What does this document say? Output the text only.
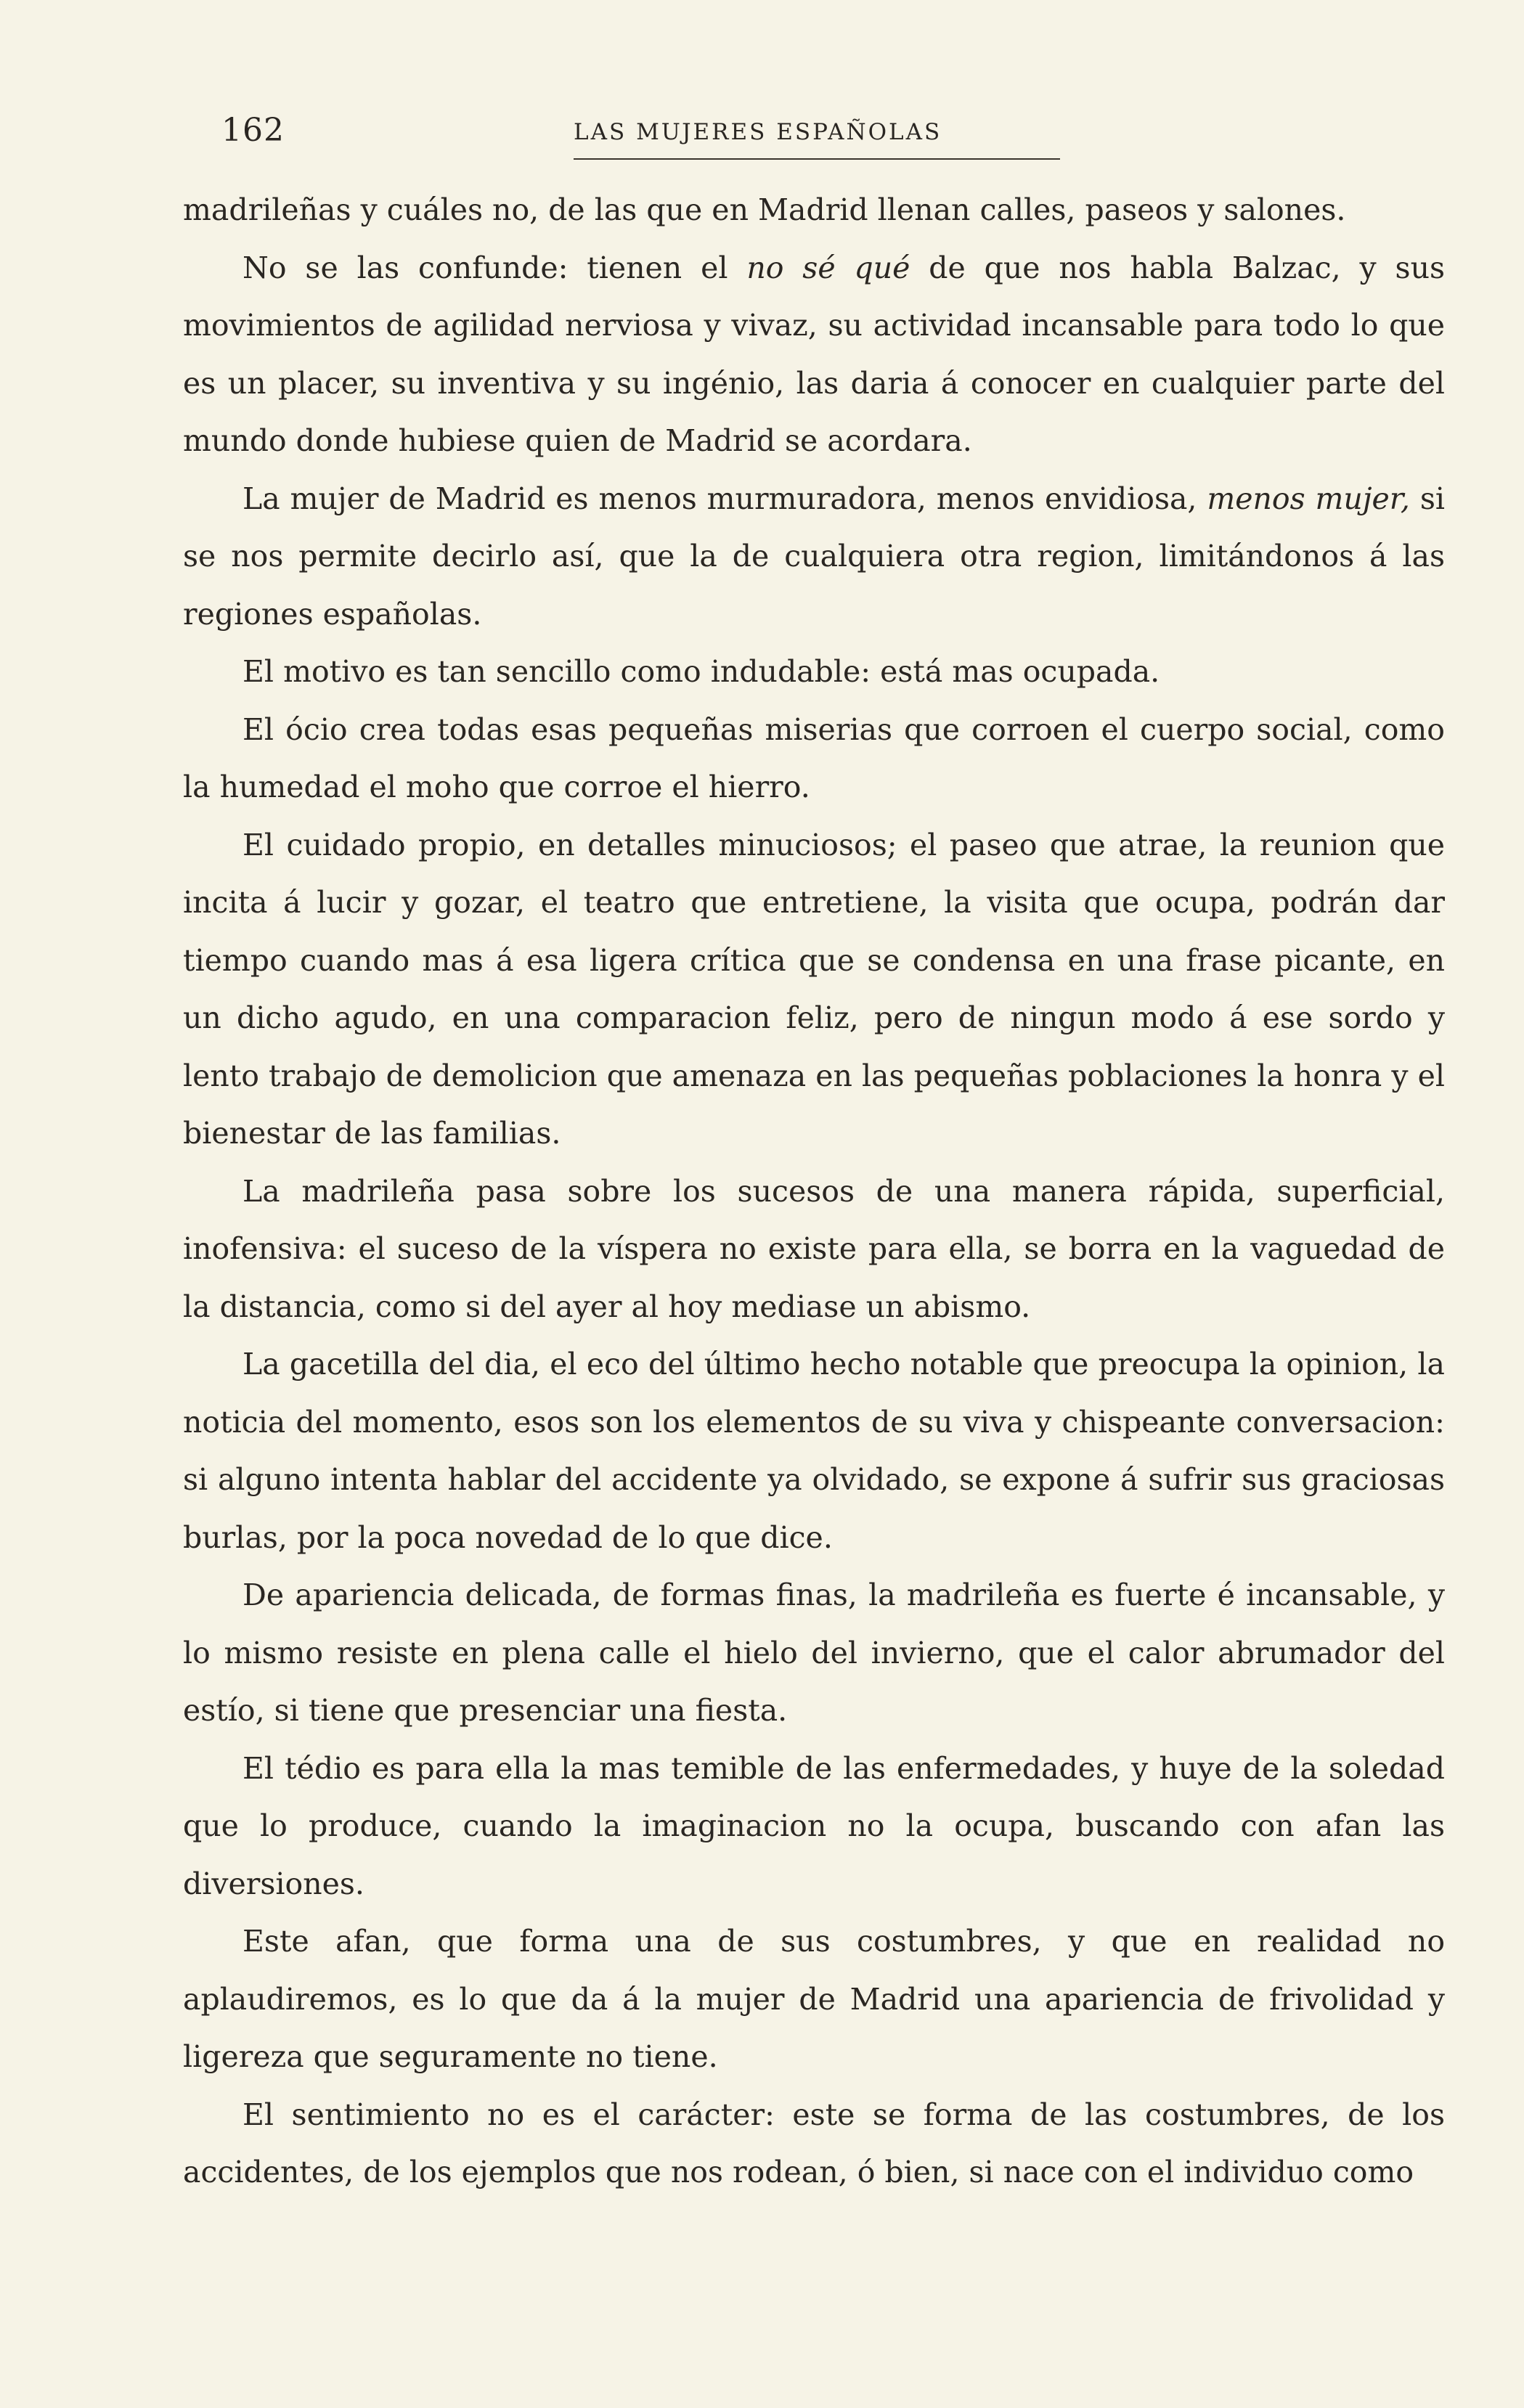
162	LAS MUJERES ESPAÑOLAS

madrileñas y cuáles no, de las que en Madrid llenan calles, paseos y salones.

No se las confunde: tienen el no sé qué de que nos habla Balzac, y sus movimientos de agilidad nerviosa y vivaz, su actividad incansable para todo lo que es un placer, su inventiva y su ingénio, las daria á conocer en cualquier parte del mundo donde hubiese quien de Madrid se acordara.

La mujer de Madrid es menos murmuradora, menos envidiosa, menos mujer, si se nos permite decirlo así, que la de cualquiera otra region, limitándonos á las regiones españolas.

El motivo es tan sencillo como indudable: está mas ocupada.

El ócio crea todas esas pequeñas miserias que corroen el cuerpo social, como la humedad el moho que corroe el hierro.

El cuidado propio, en detalles minuciosos; el paseo que atrae, la reunion que incita á lucir y gozar, el teatro que entretiene, la visita que ocupa, podrán dar tiempo cuando mas á esa ligera crítica que se condensa en una frase picante, en un dicho agudo, en una comparacion feliz, pero de ningun modo á ese sordo y lento trabajo de demolicion que amenaza en las pequeñas poblaciones la honra y el bienestar de las familias.

La madrileña pasa sobre los sucesos de una manera rápida, superficial, inofensiva: el suceso de la víspera no existe para ella, se borra en la vaguedad de la distancia, como si del ayer al hoy mediase un abismo.

La gacetilla del dia, el eco del último hecho notable que preocupa la opinion, la noticia del momento, esos son los elementos de su viva y chispeante conversacion: si alguno intenta hablar del accidente ya olvidado, se expone á sufrir sus graciosas burlas, por la poca novedad de lo que dice.

De apariencia delicada, de formas finas, la madrileña es fuerte é incansable, y lo mismo resiste en plena calle el hielo del invierno, que el calor abrumador del estío, si tiene que presenciar una fiesta.

El tédio es para ella la mas temible de las enfermedades, y huye de la soledad que lo produce, cuando la imaginacion no la ocupa, buscando con afan las diversiones.

Este afan, que forma una de sus costumbres, y que en realidad no aplaudiremos, es lo que da á la mujer de Madrid una apariencia de frivolidad y ligereza que seguramente no tiene.

El sentimiento no es el carácter: este se forma de las costumbres, de los accidentes, de los ejemplos que nos rodean, ó bien, si nace con el individuo como
